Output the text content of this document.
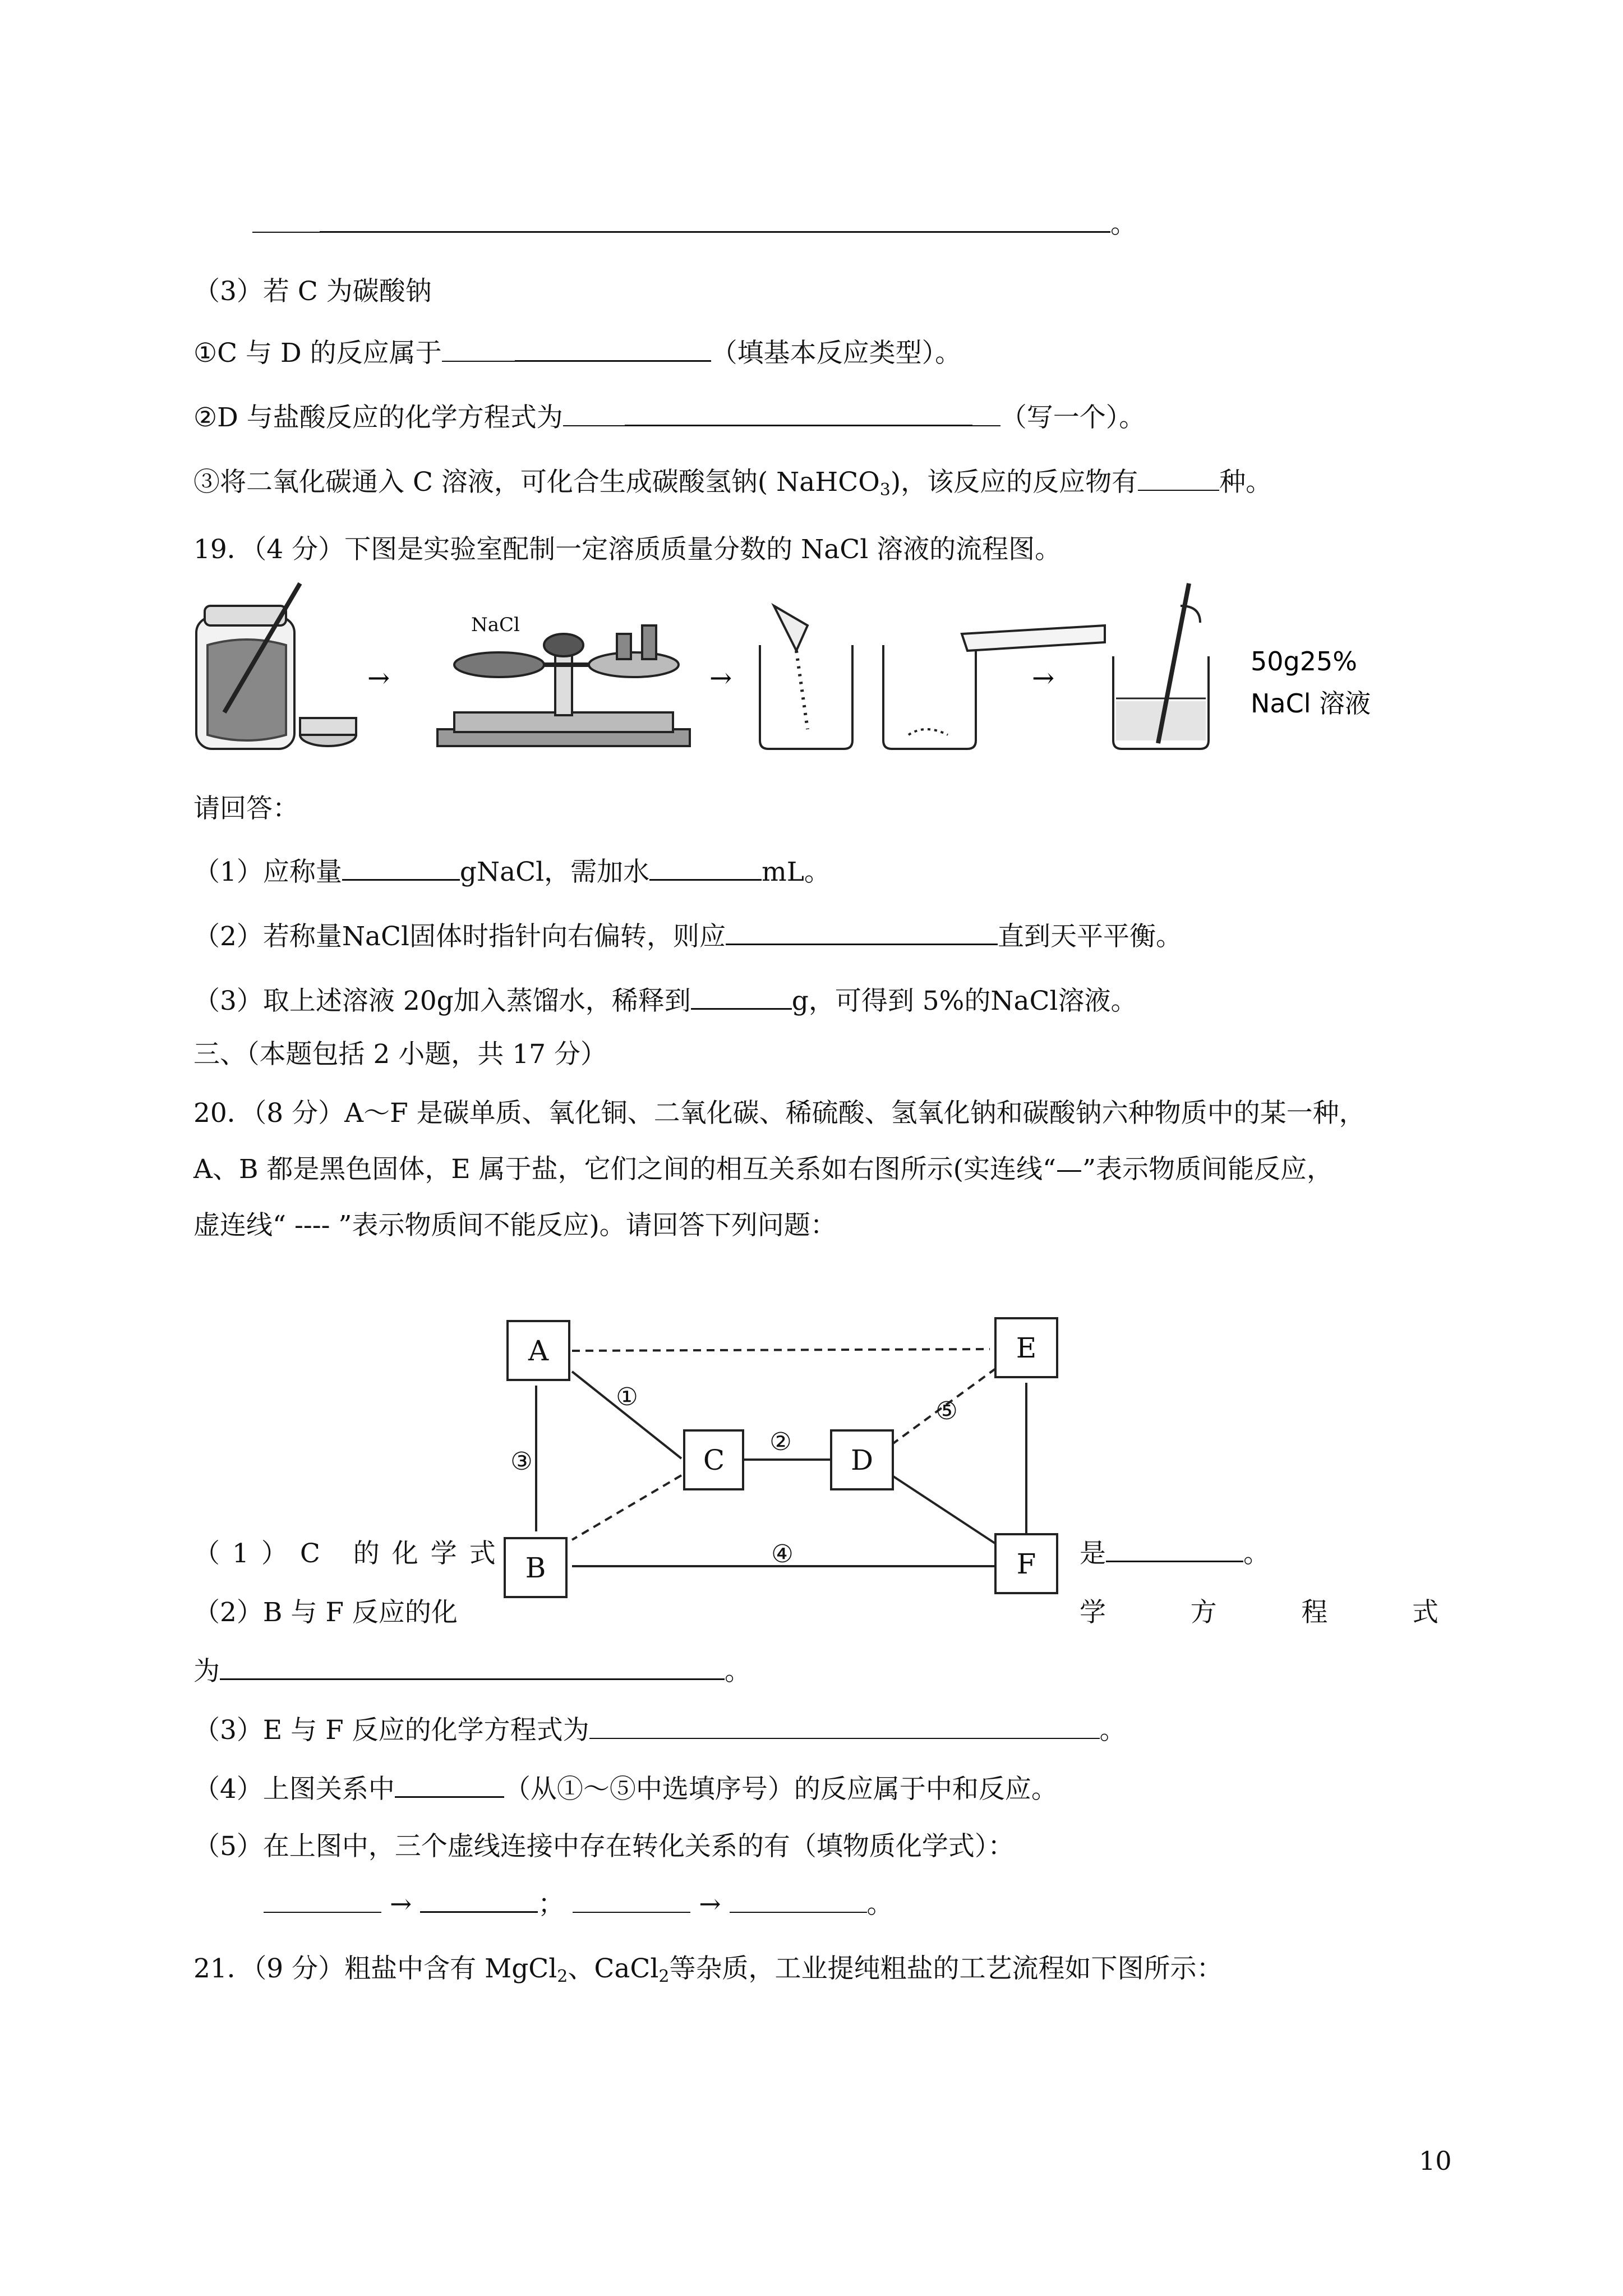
。
（3）若 C 为碳酸钠
①C 与 D 的反应属于	（填基本反应类型）。
②D 与盐酸反应的化学方程式为	（写一个）。
③将二氧化碳通入 C 溶液，可化合生成碳酸氢钠( NaHCO$_3$)，该反应的反应物有	种。
19．（4 分）下图是实验室配制一定溶质质量分数的 NaCl 溶液的流程图。
→
NaCl
→	→
50g25%
NaCl 溶液
请回答：
（1）应称量	gNaCl，需加水	mL。
（2）若称量NaCl固体时指针向右偏转，则应	直到天平平衡。
（3）取上述溶液 20g加入蒸馏水，稀释到	g，可得到 5%的NaCl溶液。
三、（本题包括 2 小题，共 17 分）
20．（8 分）A～F 是碳单质、氧化铜、二氧化碳、稀硫酸、氢氧化钠和碳酸钠六种物质中的某一种，
A、B 都是黑色固体，E 属于盐，它们之间的相互关系如右图所示(实连线“—”表示物质间能反应，
虚连线“ ---- ”表示物质间不能反应)。请回答下列问题：
A
B
C	D
E
F
①
②
③
④
⑤
（1）C 的化学式	是	。
（2）B 与 F 反应的化	学	方	程	式
为	。
（3）E 与 F 反应的化学方程式为	。
（4）上图关系中	（从①～⑤中选填序号）的反应属于中和反应。
（5）在上图中，三个虚线连接中存在转化关系的有（填物质化学式）：
→	；	→	。
21．（9 分）粗盐中含有 MgCl$_2$、CaCl$_2$等杂质，工业提纯粗盐的工艺流程如下图所示：
10
